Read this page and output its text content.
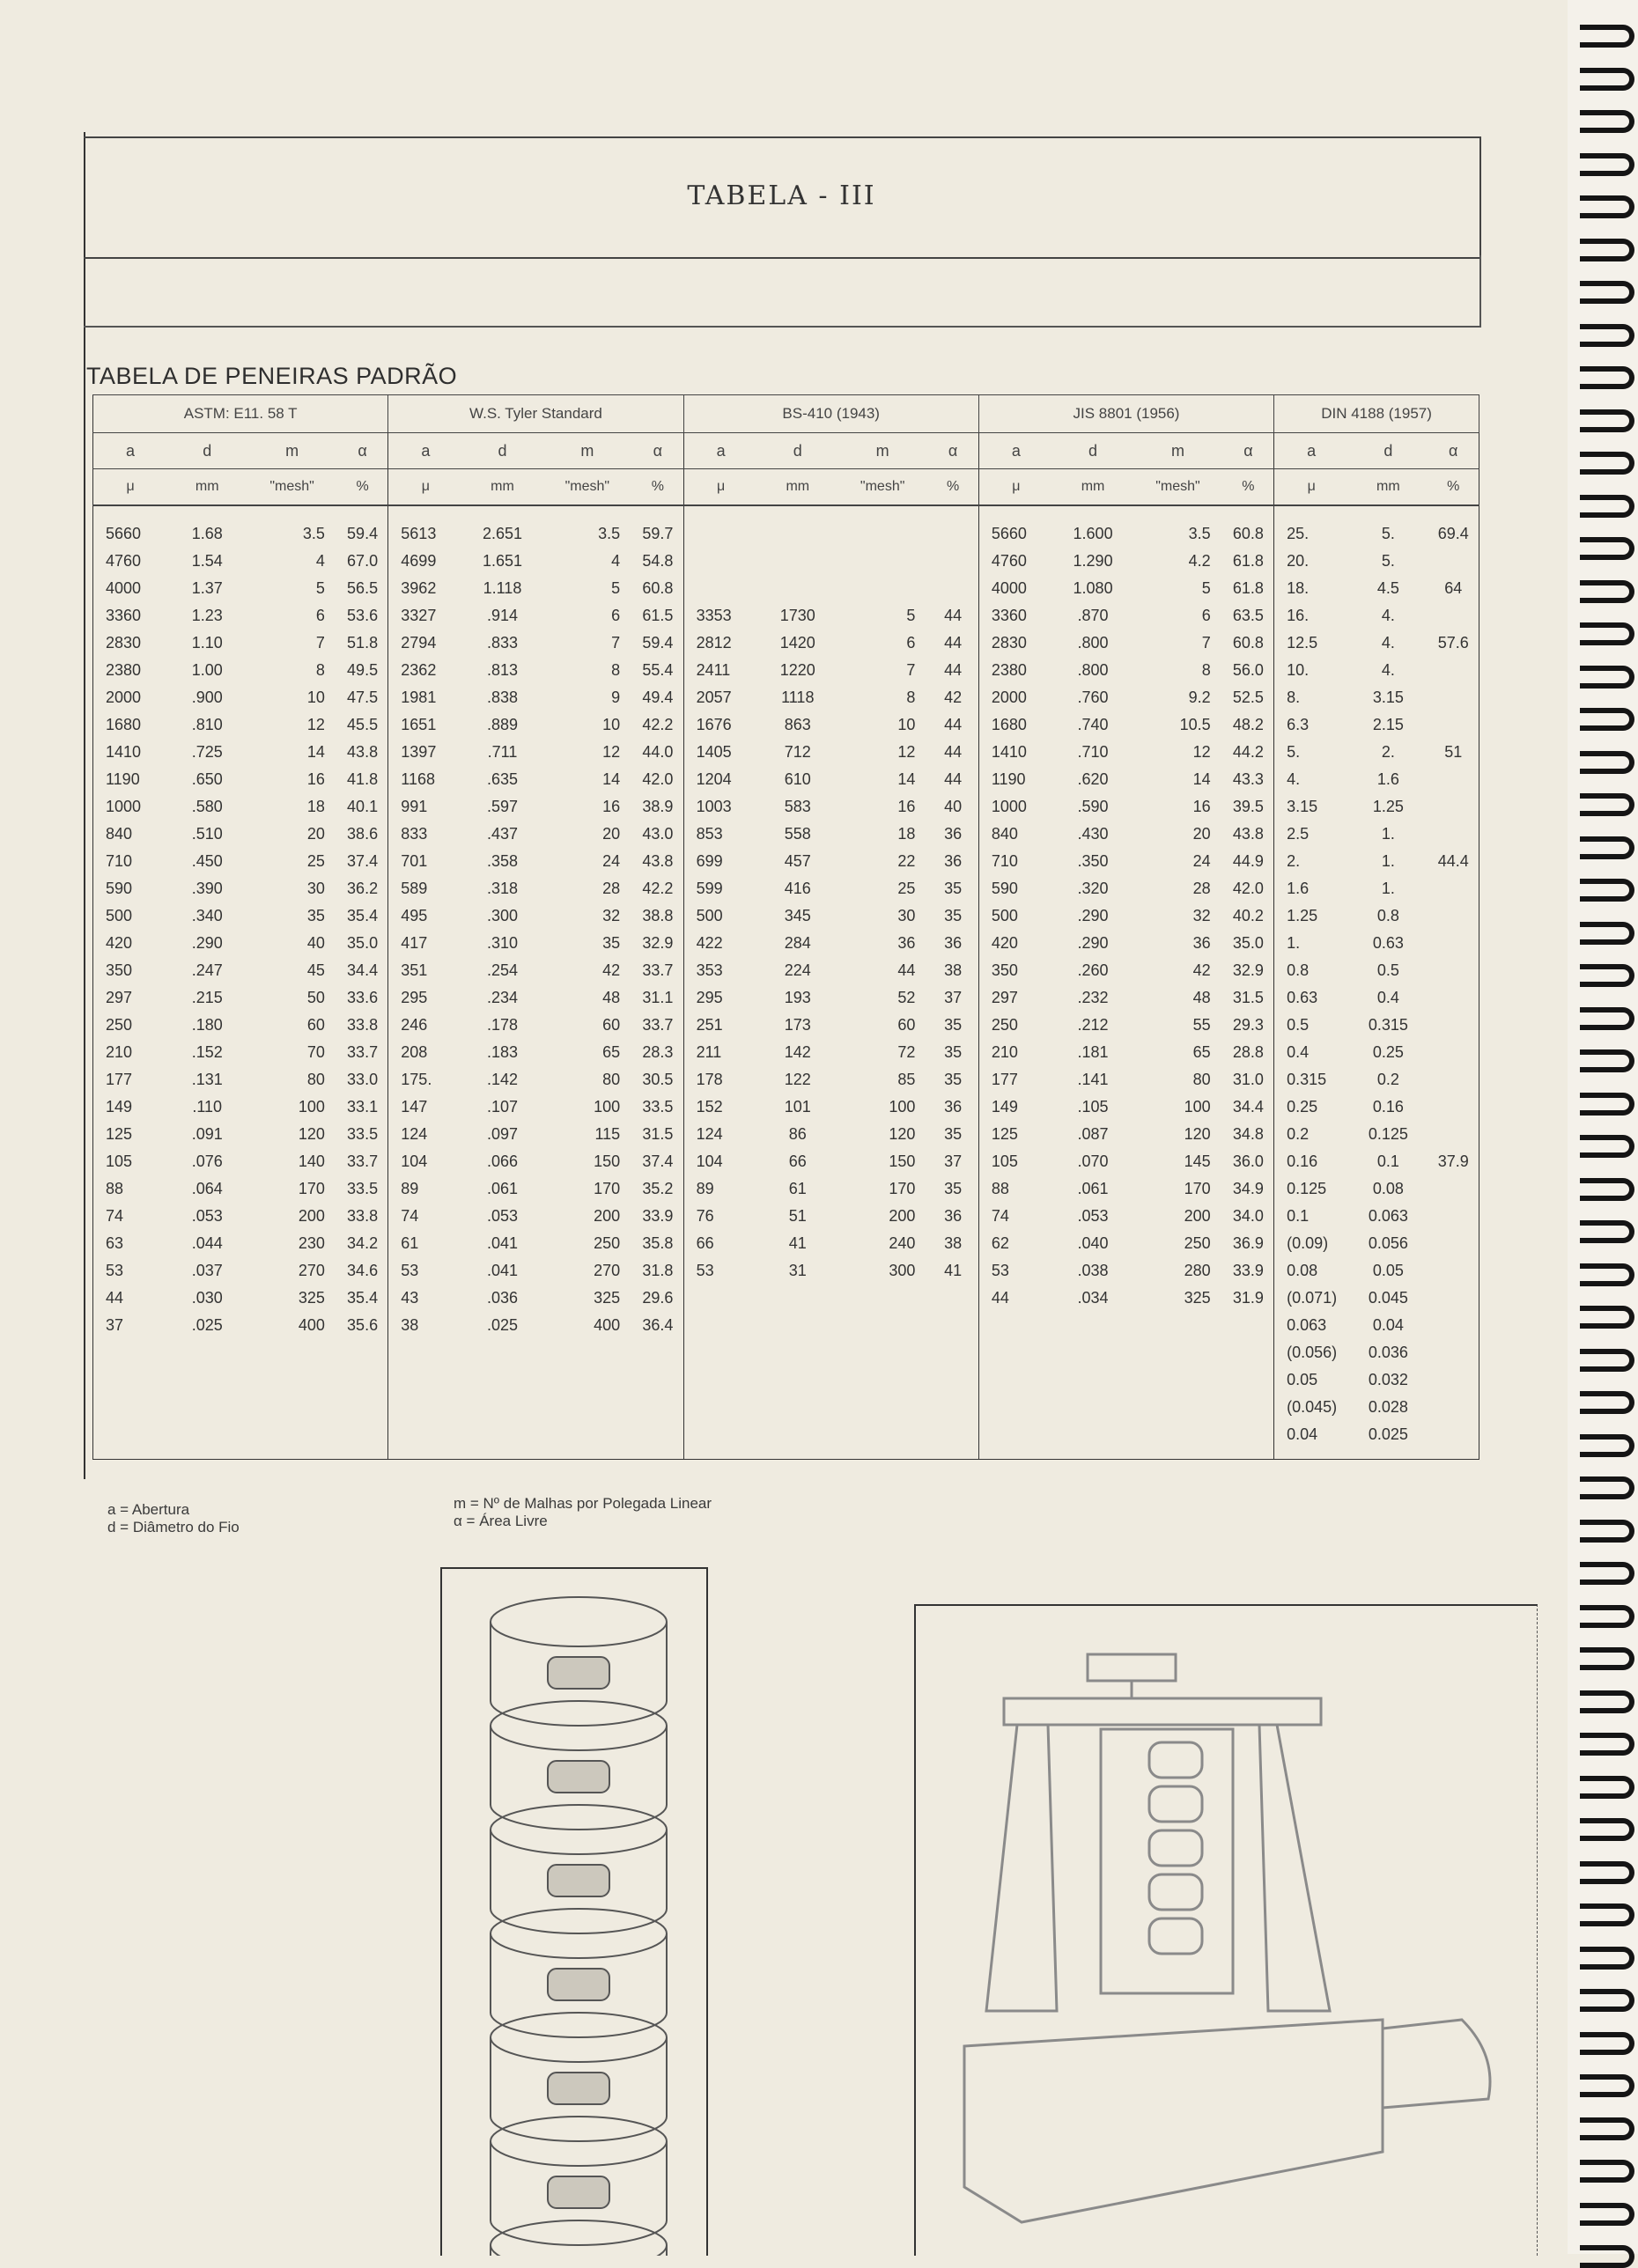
TABELA - III
TABELA DE PENEIRAS PADRÃO
ASTM: E11. 58 T				W.S. Tyler Standard				BS-410 (1943)				JIS 8801 (1956)				DIN 4188 (1957)		
a	d	m	α	a	d	m	α	a	d	m	α	a	d	m	α	a	d	α
μ	mm	"mesh"	%	μ	mm	"mesh"	%	μ	mm	"mesh"	%	μ	mm	"mesh"	%	μ	mm	%
5660	1.68	3.5	59.4	5613	2.651	3.5	59.7					5660	1.600	3.5	60.8	25.	5.	69.4
4760	1.54	4	67.0	4699	1.651	4	54.8					4760	1.290	4.2	61.8	20.	5.	
4000	1.37	5	56.5	3962	1.118	5	60.8					4000	1.080	5	61.8	18.	4.5	64
3360	1.23	6	53.6	3327	.914	6	61.5	3353	1730	5	44	3360	.870	6	63.5	16.	4.	
2830	1.10	7	51.8	2794	.833	7	59.4	2812	1420	6	44	2830	.800	7	60.8	12.5	4.	57.6
2380	1.00	8	49.5	2362	.813	8	55.4	2411	1220	7	44	2380	.800	8	56.0	10.	4.	
2000	.900	10	47.5	1981	.838	9	49.4	2057	1118	8	42	2000	.760	9.2	52.5	8.	3.15	
1680	.810	12	45.5	1651	.889	10	42.2	1676	863	10	44	1680	.740	10.5	48.2	6.3	2.15	
1410	.725	14	43.8	1397	.711	12	44.0	1405	712	12	44	1410	.710	12	44.2	5.	2.	51
1190	.650	16	41.8	1168	.635	14	42.0	1204	610	14	44	1190	.620	14	43.3	4.	1.6	
1000	.580	18	40.1	991	.597	16	38.9	1003	583	16	40	1000	.590	16	39.5	3.15	1.25	
840	.510	20	38.6	833	.437	20	43.0	853	558	18	36	840	.430	20	43.8	2.5	1.	
710	.450	25	37.4	701	.358	24	43.8	699	457	22	36	710	.350	24	44.9	2.	1.	44.4
590	.390	30	36.2	589	.318	28	42.2	599	416	25	35	590	.320	28	42.0	1.6	1.	
500	.340	35	35.4	495	.300	32	38.8	500	345	30	35	500	.290	32	40.2	1.25	0.8	
420	.290	40	35.0	417	.310	35	32.9	422	284	36	36	420	.290	36	35.0	1.	0.63	
350	.247	45	34.4	351	.254	42	33.7	353	224	44	38	350	.260	42	32.9	0.8	0.5	
297	.215	50	33.6	295	.234	48	31.1	295	193	52	37	297	.232	48	31.5	0.63	0.4	
250	.180	60	33.8	246	.178	60	33.7	251	173	60	35	250	.212	55	29.3	0.5	0.315	
210	.152	70	33.7	208	.183	65	28.3	211	142	72	35	210	.181	65	28.8	0.4	0.25	
177	.131	80	33.0	175.	.142	80	30.5	178	122	85	35	177	.141	80	31.0	0.315	0.2	
149	.110	100	33.1	147	.107	100	33.5	152	101	100	36	149	.105	100	34.4	0.25	0.16	
125	.091	120	33.5	124	.097	115	31.5	124	86	120	35	125	.087	120	34.8	0.2	0.125	
105	.076	140	33.7	104	.066	150	37.4	104	66	150	37	105	.070	145	36.0	0.16	0.1	37.9
88	.064	170	33.5	89	.061	170	35.2	89	61	170	35	88	.061	170	34.9	0.125	0.08	
74	.053	200	33.8	74	.053	200	33.9	76	51	200	36	74	.053	200	34.0	0.1	0.063	
63	.044	230	34.2	61	.041	250	35.8	66	41	240	38	62	.040	250	36.9	(0.09)	0.056	
53	.037	270	34.6	53	.041	270	31.8	53	31	300	41	53	.038	280	33.9	0.08	0.05	
44	.030	325	35.4	43	.036	325	29.6					44	.034	325	31.9	(0.071)	0.045	
37	.025	400	35.6	38	.025	400	36.4									0.063	0.04	
																(0.056)	0.036	
																0.05	0.032	
																(0.045)	0.028	
																0.04	0.025	
a = Abertura
d = Diâmetro do Fio
m = Nº de Malhas por Polegada Linear
α = Área Livre
